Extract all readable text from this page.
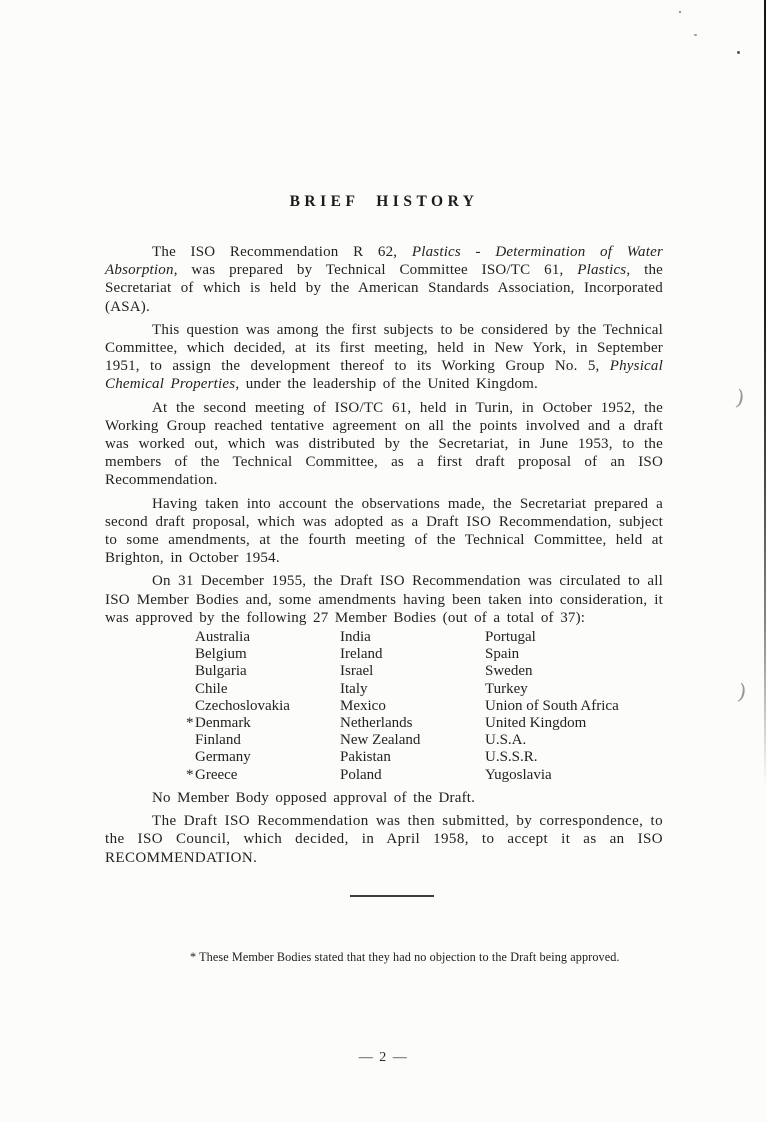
BRIEF HISTORY

The ISO Recommendation R 62, Plastics - Determination of Water Absorption, was prepared by Technical Committee ISO/TC 61, Plastics, the Secretariat of which is held by the American Standards Association, Incorporated (ASA).

This question was among the first subjects to be considered by the Technical Committee, which decided, at its first meeting, held in New York, in September 1951, to assign the development thereof to its Working Group No. 5, Physical Chemical Properties, under the leadership of the United Kingdom.

At the second meeting of ISO/TC 61, held in Turin, in October 1952, the Working Group reached tentative agreement on all the points involved and a draft was worked out, which was distributed by the Secretariat, in June 1953, to the members of the Technical Committee, as a first draft proposal of an ISO Recommendation.

Having taken into account the observations made, the Secretariat prepared a second draft proposal, which was adopted as a Draft ISO Recommendation, subject to some amendments, at the fourth meeting of the Technical Committee, held at Brighton, in October 1954.

On 31 December 1955, the Draft ISO Recommendation was circulated to all ISO Member Bodies and, some amendments having been taken into consideration, it was approved by the following 27 Member Bodies (out of a total of 37):

Australia
Belgium
Bulgaria
Chile
Czechoslovakia
* Denmark
Finland
Germany
* Greece
India
Ireland
Israel
Italy
Mexico
Netherlands
New Zealand
Pakistan
Poland
Portugal
Spain
Sweden
Turkey
Union of South Africa
United Kingdom
U.S.A.
U.S.S.R.
Yugoslavia

No Member Body opposed approval of the Draft.

The Draft ISO Recommendation was then submitted, by correspondence, to the ISO Council, which decided, in April 1958, to accept it as an ISO RECOMMENDATION.

* These Member Bodies stated that they had no objection to the Draft being approved.

— 2 —
)
)
